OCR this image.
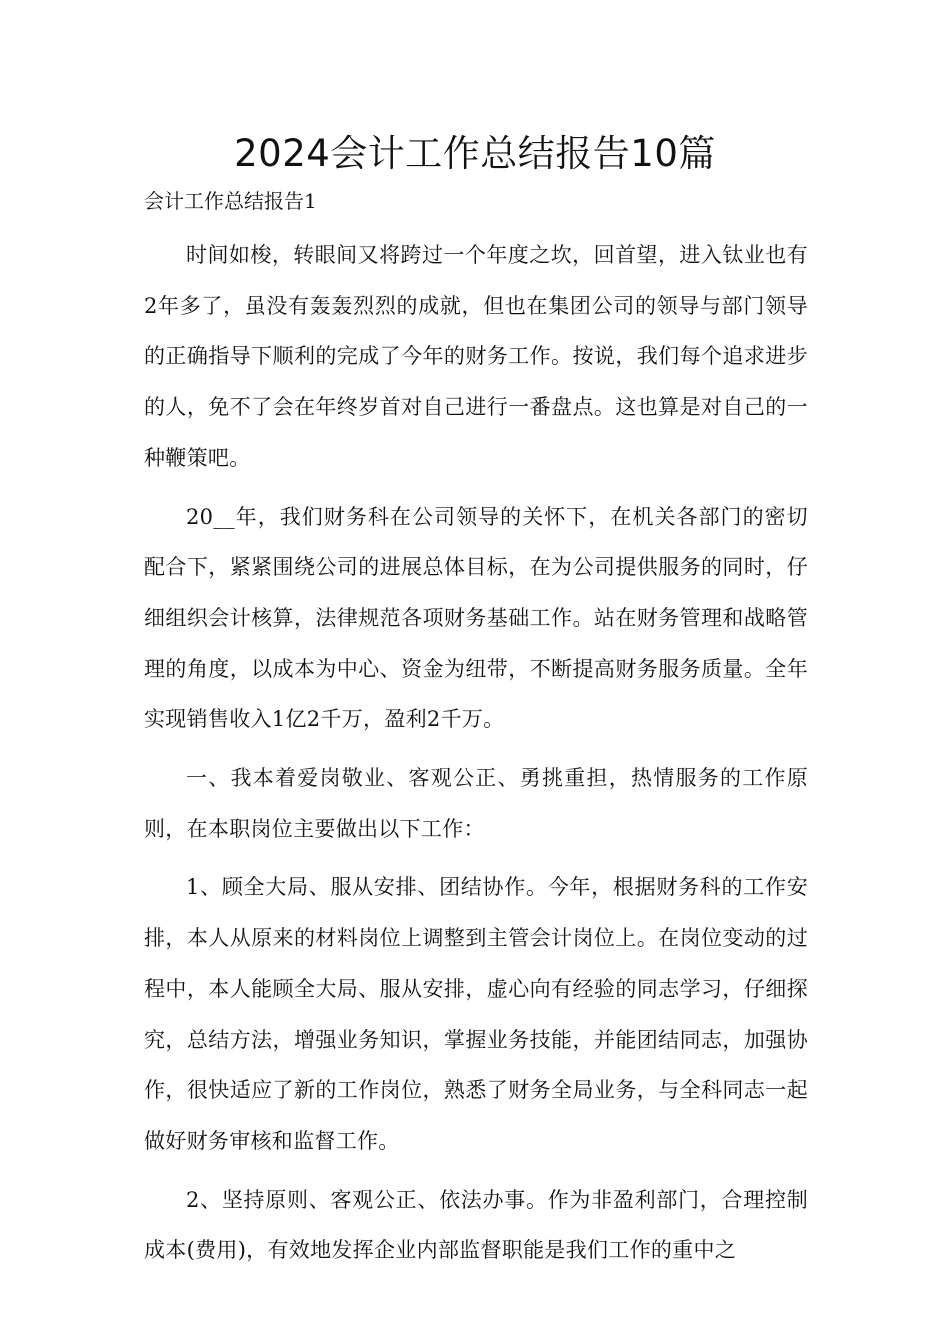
2024会计工作总结报告10篇

会计工作总结报告1

时间如梭，转眼间又将跨过一个年度之坎，回首望，进入钛业也有2年多了，虽没有轰轰烈烈的成就，但也在集团公司的领导与部门领导的正确指导下顺利的完成了今年的财务工作。按说，我们每个追求进步的人，免不了会在年终岁首对自己进行一番盘点。这也算是对自己的一种鞭策吧。

20__年，我们财务科在公司领导的关怀下，在机关各部门的密切配合下，紧紧围绕公司的进展总体目标，在为公司提供服务的同时，仔细组织会计核算，法律规范各项财务基础工作。站在财务管理和战略管理的角度，以成本为中心、资金为纽带，不断提高财务服务质量。全年实现销售收入1亿2千万，盈利2千万。

一、我本着爱岗敬业、客观公正、勇挑重担，热情服务的工作原则，在本职岗位主要做出以下工作：

1、顾全大局、服从安排、团结协作。今年，根据财务科的工作安排，本人从原来的材料岗位上调整到主管会计岗位上。在岗位变动的过程中，本人能顾全大局、服从安排，虚心向有经验的同志学习，仔细探究，总结方法，增强业务知识，掌握业务技能，并能团结同志，加强协作，很快适应了新的工作岗位，熟悉了财务全局业务，与全科同志一起做好财务审核和监督工作。

2、坚持原则、客观公正、依法办事。作为非盈利部门，合理控制成本(费用)，有效地发挥企业内部监督职能是我们工作的重中之
